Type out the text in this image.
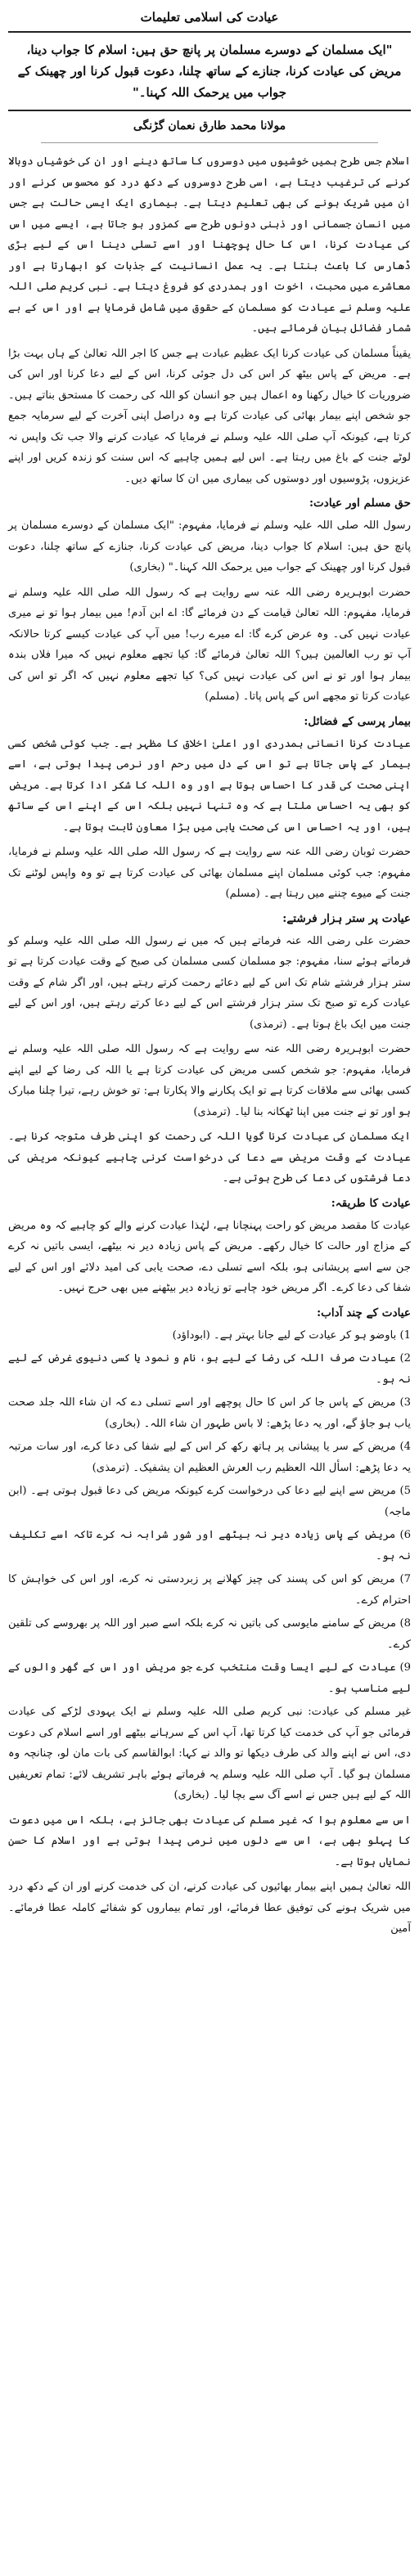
عیادت کی اسلامی تعلیمات
"ایک مسلمان کے دوسرے مسلمان پر پانچ حق ہیں: اسلام کا جواب دینا، مریض کی عیادت کرنا، جنازے کے ساتھ چلنا، دعوت قبول کرنا اور چھینک کے جواب میں یرحمک اللہ کہنا۔"
مولانا محمد طارق نعمان گڑنگی

اسلام جس طرح ہمیں خوشیوں میں دوسروں کا ساتھ دینے اور ان کی خوشیاں دوبالا کرنے کی ترغیب دیتا ہے، اسی طرح دوسروں کے دکھ درد کو محسوس کرنے اور ان میں شریک ہونے کی بھی تعلیم دیتا ہے۔ بیماری ایک ایسی حالت ہے جس میں انسان جسمانی اور ذہنی دونوں طرح سے کمزور ہو جاتا ہے، ایسے میں اس کی عیادت کرنا، اس کا حال پوچھنا اور اسے تسلی دینا اس کے لیے بڑی ڈھارس کا باعث بنتا ہے۔ یہ عمل انسانیت کے جذبات کو ابھارتا ہے اور معاشرے میں محبت، اخوت اور ہمدردی کو فروغ دیتا ہے۔ نبی کریم صلی اللہ علیہ وسلم نے عیادت کو مسلمان کے حقوق میں شامل فرمایا ہے اور اس کے بے شمار فضائل بیان فرمائے ہیں۔

یقیناً مسلمان کی عیادت کرنا ایک عظیم عبادت ہے جس کا اجر اللہ تعالیٰ کے ہاں بہت بڑا ہے۔ مریض کے پاس بیٹھ کر اس کی دل جوئی کرنا، اس کے لیے دعا کرنا اور اس کی ضروریات کا خیال رکھنا وہ اعمال ہیں جو انسان کو اللہ کی رحمت کا مستحق بناتے ہیں۔ جو شخص اپنے بیمار بھائی کی عیادت کرتا ہے وہ دراصل اپنی آخرت کے لیے سرمایہ جمع کرتا ہے، کیونکہ آپ صلی اللہ علیہ وسلم نے فرمایا کہ عیادت کرنے والا جب تک واپس نہ لوٹے جنت کے باغ میں رہتا ہے۔ اس لیے ہمیں چاہیے کہ اس سنت کو زندہ کریں اور اپنے عزیزوں، پڑوسیوں اور دوستوں کی بیماری میں ان کا ساتھ دیں۔

حق مسلم اور عیادت:

رسول اللہ صلی اللہ علیہ وسلم نے فرمایا، مفہوم: "ایک مسلمان کے دوسرے مسلمان پر پانچ حق ہیں: اسلام کا جواب دینا، مریض کی عیادت کرنا، جنازے کے ساتھ چلنا، دعوت قبول کرنا اور چھینک کے جواب میں یرحمک اللہ کہنا۔" (بخاری)

حضرت ابوہریرہ رضی اللہ عنہ سے روایت ہے کہ رسول اللہ صلی اللہ علیہ وسلم نے فرمایا، مفہوم: اللہ تعالیٰ قیامت کے دن فرمائے گا: اے ابن آدم! میں بیمار ہوا تو نے میری عیادت نہیں کی۔ وہ عرض کرے گا: اے میرے رب! میں آپ کی عیادت کیسے کرتا حالانکہ آپ تو رب العالمین ہیں؟ اللہ تعالیٰ فرمائے گا: کیا تجھے معلوم نہیں کہ میرا فلاں بندہ بیمار ہوا اور تو نے اس کی عیادت نہیں کی؟ کیا تجھے معلوم نہیں کہ اگر تو اس کی عیادت کرتا تو مجھے اس کے پاس پاتا۔ (مسلم)

بیمار پرسی کے فضائل:

عیادت کرنا انسانی ہمدردی اور اعلیٰ اخلاق کا مظہر ہے۔ جب کوئی شخص کسی بیمار کے پاس جاتا ہے تو اس کے دل میں رحم اور نرمی پیدا ہوتی ہے، اسے اپنی صحت کی قدر کا احساس ہوتا ہے اور وہ اللہ کا شکر ادا کرتا ہے۔ مریض کو بھی یہ احساس ملتا ہے کہ وہ تنہا نہیں بلکہ اس کے اپنے اس کے ساتھ ہیں، اور یہ احساس اس کی صحت یابی میں بڑا معاون ثابت ہوتا ہے۔

حضرت ثوبان رضی اللہ عنہ سے روایت ہے کہ رسول اللہ صلی اللہ علیہ وسلم نے فرمایا، مفہوم: جب کوئی مسلمان اپنے مسلمان بھائی کی عیادت کرتا ہے تو وہ واپس لوٹنے تک جنت کے میوے چننے میں رہتا ہے۔ (مسلم)

عیادت پر ستر ہزار فرشتے:

حضرت علی رضی اللہ عنہ فرماتے ہیں کہ میں نے رسول اللہ صلی اللہ علیہ وسلم کو فرماتے ہوئے سنا، مفہوم: جو مسلمان کسی مسلمان کی صبح کے وقت عیادت کرتا ہے تو ستر ہزار فرشتے شام تک اس کے لیے دعائے رحمت کرتے رہتے ہیں، اور اگر شام کے وقت عیادت کرے تو صبح تک ستر ہزار فرشتے اس کے لیے دعا کرتے رہتے ہیں، اور اس کے لیے جنت میں ایک باغ ہوتا ہے۔ (ترمذی)

حضرت ابوہریرہ رضی اللہ عنہ سے روایت ہے کہ رسول اللہ صلی اللہ علیہ وسلم نے فرمایا، مفہوم: جو شخص کسی مریض کی عیادت کرتا ہے یا اللہ کی رضا کے لیے اپنے کسی بھائی سے ملاقات کرتا ہے تو ایک پکارنے والا پکارتا ہے: تو خوش رہے، تیرا چلنا مبارک ہو اور تو نے جنت میں اپنا ٹھکانہ بنا لیا۔ (ترمذی)

ایک مسلمان کی عیادت کرنا گویا اللہ کی رحمت کو اپنی طرف متوجہ کرنا ہے۔ عیادت کے وقت مریض سے دعا کی درخواست کرنی چاہیے کیونکہ مریض کی دعا فرشتوں کی دعا کی طرح ہوتی ہے۔

عیادت کا طریقہ:

عیادت کا مقصد مریض کو راحت پہنچانا ہے، لہٰذا عیادت کرنے والے کو چاہیے کہ وہ مریض کے مزاج اور حالت کا خیال رکھے۔ مریض کے پاس زیادہ دیر نہ بیٹھے، ایسی باتیں نہ کرے جن سے اسے پریشانی ہو، بلکہ اسے تسلی دے، صحت یابی کی امید دلائے اور اس کے لیے شفا کی دعا کرے۔ اگر مریض خود چاہے تو زیادہ دیر بیٹھنے میں بھی حرج نہیں۔

عیادت کے چند آداب:

1) باوضو ہو کر عیادت کے لیے جانا بہتر ہے۔ (ابوداؤد)

2) عیادت صرف اللہ کی رضا کے لیے ہو، نام و نمود یا کسی دنیوی غرض کے لیے نہ ہو۔

3) مریض کے پاس جا کر اس کا حال پوچھے اور اسے تسلی دے کہ ان شاء اللہ جلد صحت یاب ہو جاؤ گے، اور یہ دعا پڑھے: لا باس طہور ان شاء اللہ۔ (بخاری)

4) مریض کے سر یا پیشانی پر ہاتھ رکھ کر اس کے لیے شفا کی دعا کرے، اور سات مرتبہ یہ دعا پڑھے: اسأل اللہ العظیم رب العرش العظیم ان یشفیک۔ (ترمذی)

5) مریض سے اپنے لیے دعا کی درخواست کرے کیونکہ مریض کی دعا قبول ہوتی ہے۔ (ابن ماجہ)

6) مریض کے پاس زیادہ دیر نہ بیٹھے اور شور شرابہ نہ کرے تاکہ اسے تکلیف نہ ہو۔

7) مریض کو اس کی پسند کی چیز کھلانے پر زبردستی نہ کرے، اور اس کی خواہش کا احترام کرے۔

8) مریض کے سامنے مایوسی کی باتیں نہ کرے بلکہ اسے صبر اور اللہ پر بھروسے کی تلقین کرے۔

9) عیادت کے لیے ایسا وقت منتخب کرے جو مریض اور اس کے گھر والوں کے لیے مناسب ہو۔

غیر مسلم کی عیادت: نبی کریم صلی اللہ علیہ وسلم نے ایک یہودی لڑکے کی عیادت فرمائی جو آپ کی خدمت کیا کرتا تھا، آپ اس کے سرہانے بیٹھے اور اسے اسلام کی دعوت دی، اس نے اپنے والد کی طرف دیکھا تو والد نے کہا: ابوالقاسم کی بات مان لو، چنانچہ وہ مسلمان ہو گیا۔ آپ صلی اللہ علیہ وسلم یہ فرماتے ہوئے باہر تشریف لائے: تمام تعریفیں اللہ کے لیے ہیں جس نے اسے آگ سے بچا لیا۔ (بخاری)

اس سے معلوم ہوا کہ غیر مسلم کی عیادت بھی جائز ہے، بلکہ اس میں دعوت کا پہلو بھی ہے، اس سے دلوں میں نرمی پیدا ہوتی ہے اور اسلام کا حسن نمایاں ہوتا ہے۔

اللہ تعالیٰ ہمیں اپنے بیمار بھائیوں کی عیادت کرنے، ان کی خدمت کرنے اور ان کے دکھ درد میں شریک ہونے کی توفیق عطا فرمائے، اور تمام بیماروں کو شفائے کاملہ عطا فرمائے۔ آمین
